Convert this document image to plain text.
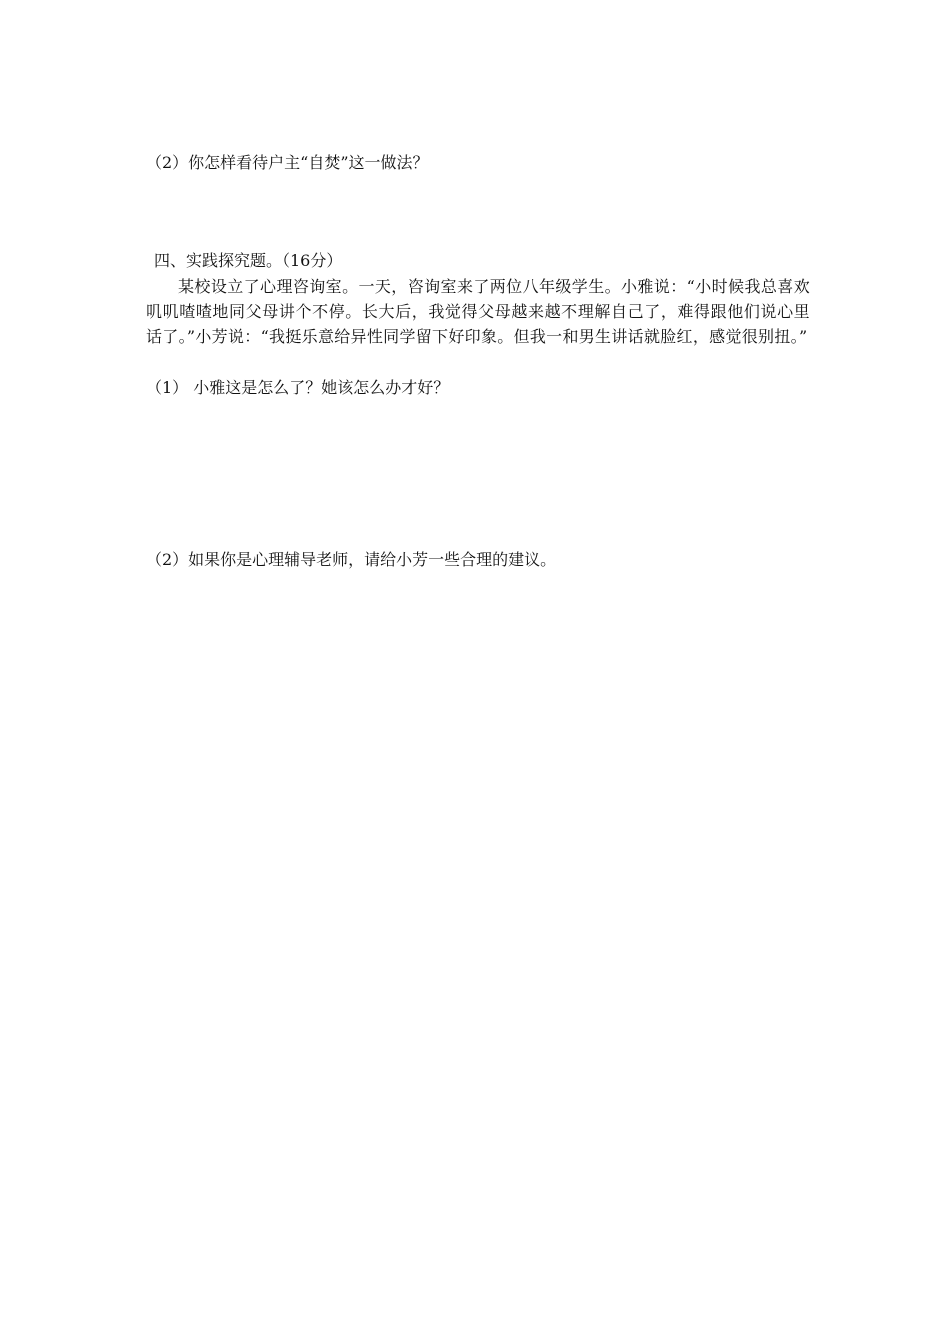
（2）你怎样看待户主“自焚”这一做法？
四、实践探究题。（16分）
某校设立了心理咨询室。一天，咨询室来了两位八年级学生。小雅说：“小时候我总喜欢叽叽喳喳地同父母讲个不停。长大后，我觉得父母越来越不理解自己了，难得跟他们说心里话了。”小芳说：“我挺乐意给异性同学留下好印象。但我一和男生讲话就脸红，感觉很别扭。”
（1） 小雅这是怎么了？她该怎么办才好？
（2）如果你是心理辅导老师，请给小芳一些合理的建议。
